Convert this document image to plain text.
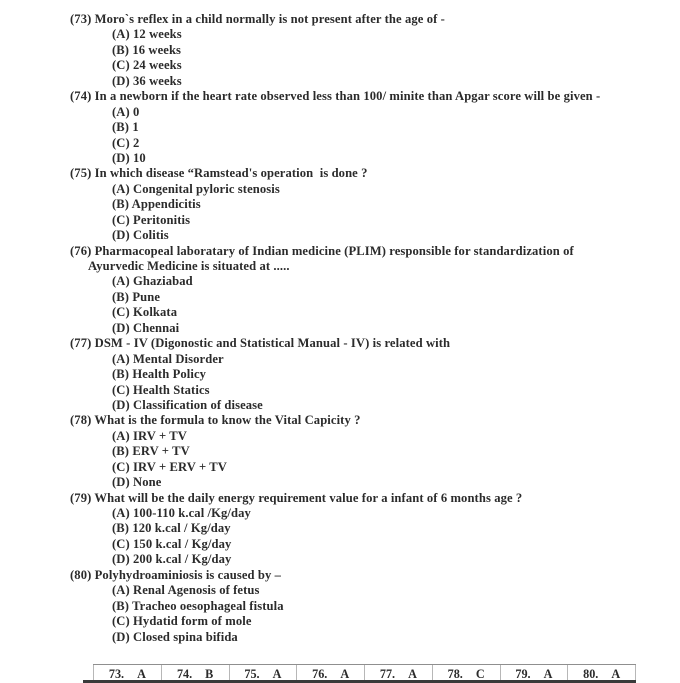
(73) Moro`s reflex in a child normally is not present after the age of -
(A) 12 weeks
(B) 16 weeks
(C) 24 weeks
(D) 36 weeks
(74) In a newborn if the heart rate observed less than 100/ minite than Apgar score will be given -
(A) 0
(B) 1
(C) 2
(D) 10
(75) In which disease “Ramstead's operation  is done ?
(A) Congenital pyloric stenosis
(B) Appendicitis
(C) Peritonitis
(D) Colitis
(76) Pharmacopeal laboratary of Indian medicine (PLIM) responsible for standardization of
Ayurvedic Medicine is situated at .....
(A) Ghaziabad
(B) Pune
(C) Kolkata
(D) Chennai
(77) DSM - IV (Digonostic and Statistical Manual - IV) is related with
(A) Mental Disorder
(B) Health Policy
(C) Health Statics
(D) Classification of disease
(78) What is the formula to know the Vital Capicity ?
(A) IRV + TV
(B) ERV + TV
(C) IRV + ERV + TV
(D) None
(79) What will be the daily energy requirement value for a infant of 6 months age ?
(A) 100-110 k.cal /Kg/day
(B) 120 k.cal / Kg/day
(C) 150 k.cal / Kg/day
(D) 200 k.cal / Kg/day
(80) Polyhydroaminiosis is caused by –
(A) Renal Agenosis of fetus
(B) Tracheo oesophageal fistula
(C) Hydatid form of mole
(D) Closed spina bifida
73. A	74. B	75. A	76. A	77. A	78. C	79. A	80. A
